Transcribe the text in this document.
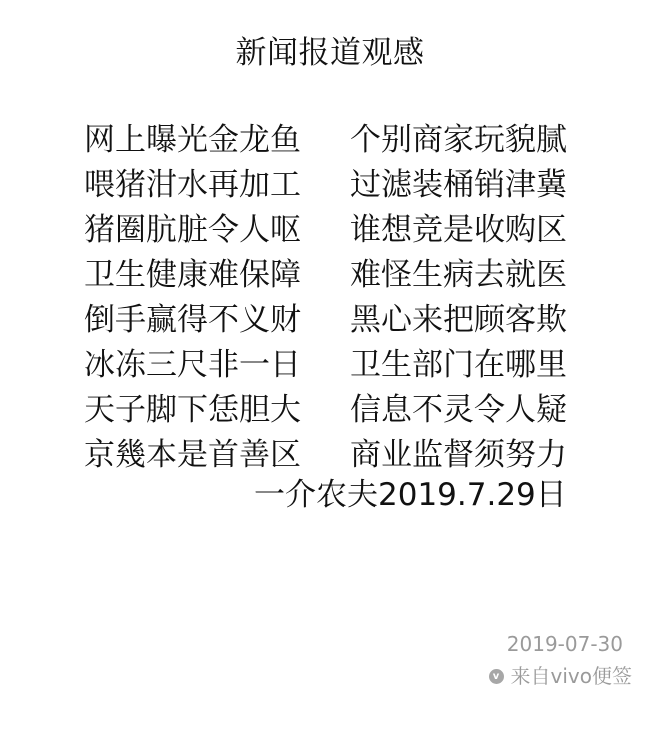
新闻报道观感
网上曝光金龙鱼	个别商家玩貌腻
喂猪泔水再加工	过滤装桶销津冀
猪圈肮脏令人呕	谁想竞是收购区
卫生健康难保障	难怪生病去就医
倒手赢得不义财	黑心来把顾客欺
冰冻三尺非一日	卫生部门在哪里
天子脚下恁胆大	信息不灵令人疑
京幾本是首善区	商业监督须努力
一介农夫2019.7.29日
2019-07-30
v 来自vivo便签
